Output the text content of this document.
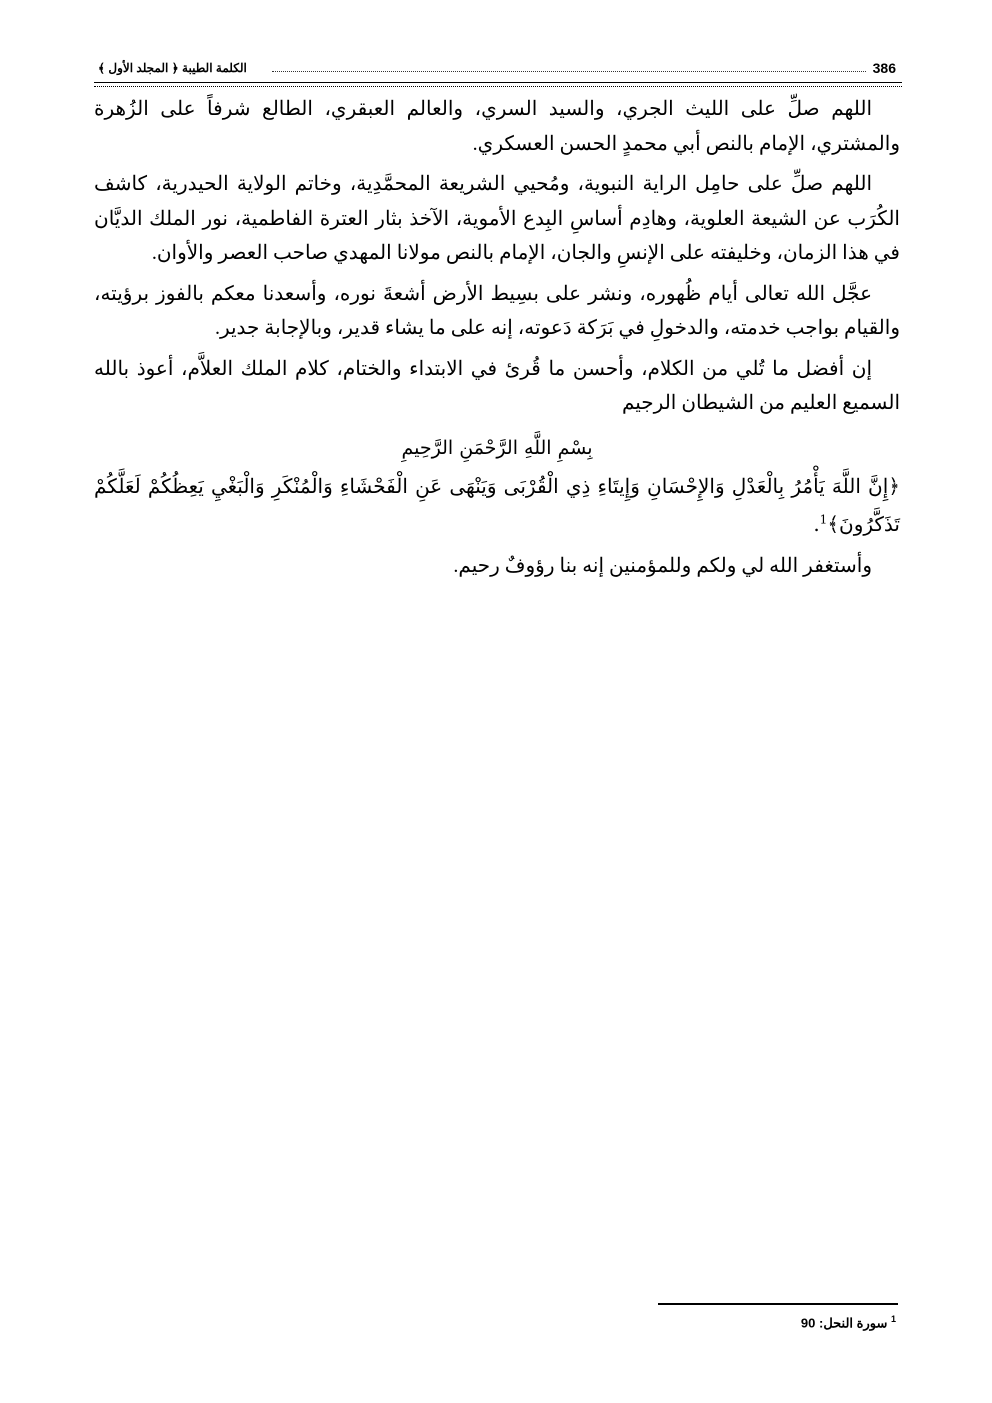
386
الكلمة الطيبة ﴿ المجلد الأول ﴾

اللهم صلِّ على الليث الجري، والسيد السري، والعالم العبقري، الطالع شرفاً على الزُهرة والمشتري، الإمام بالنص أبي محمدٍ الحسن العسكري.

اللهم صلِّ على حامِل الراية النبوية، ومُحيي الشريعة المحمَّدِية، وخاتم الولاية الحيدرية، كاشف الكُرَب عن الشيعة العلوية، وهادِم أساسِ البِدع الأموية، الآخذ بثار العترة الفاطمية، نور الملك الديَّان في هذا الزمان، وخليفته على الإنسِ والجان، الإمام بالنص مولانا المهدي صاحب العصر والأوان.

عجَّل الله تعالى أيام ظُهوره، ونشر على بسِيط الأرض أشعةَ نوره، وأسعدنا معكم بالفوز برؤيته، والقيام بواجب خدمته، والدخولِ في بَرَكة دَعوته، إنه على ما يشاء قدير، وبالإجابة جدير.

إن أفضل ما تُلي من الكلام، وأحسن ما قُرئ في الابتداء والختام، كلام الملك العلاَّم، أعوذ بالله السميع العليم من الشيطان الرجيم

بِسْمِ اللَّهِ الرَّحْمَنِ الرَّحِيمِ

﴿إِنَّ اللَّهَ يَأْمُرُ بِالْعَدْلِ وَالإِحْسَانِ وَإِيتَاءِ ذِي الْقُرْبَى وَيَنْهَى عَنِ الْفَحْشَاءِ وَالْمُنْكَرِ وَالْبَغْيِ يَعِظُكُمْ لَعَلَّكُمْ تَذَكَّرُونَ﴾$^1$.

وأستغفر الله لي ولكم وللمؤمنين إنه بنا رؤوفٌ رحيم.

$^1$ سورة النحل: 90
